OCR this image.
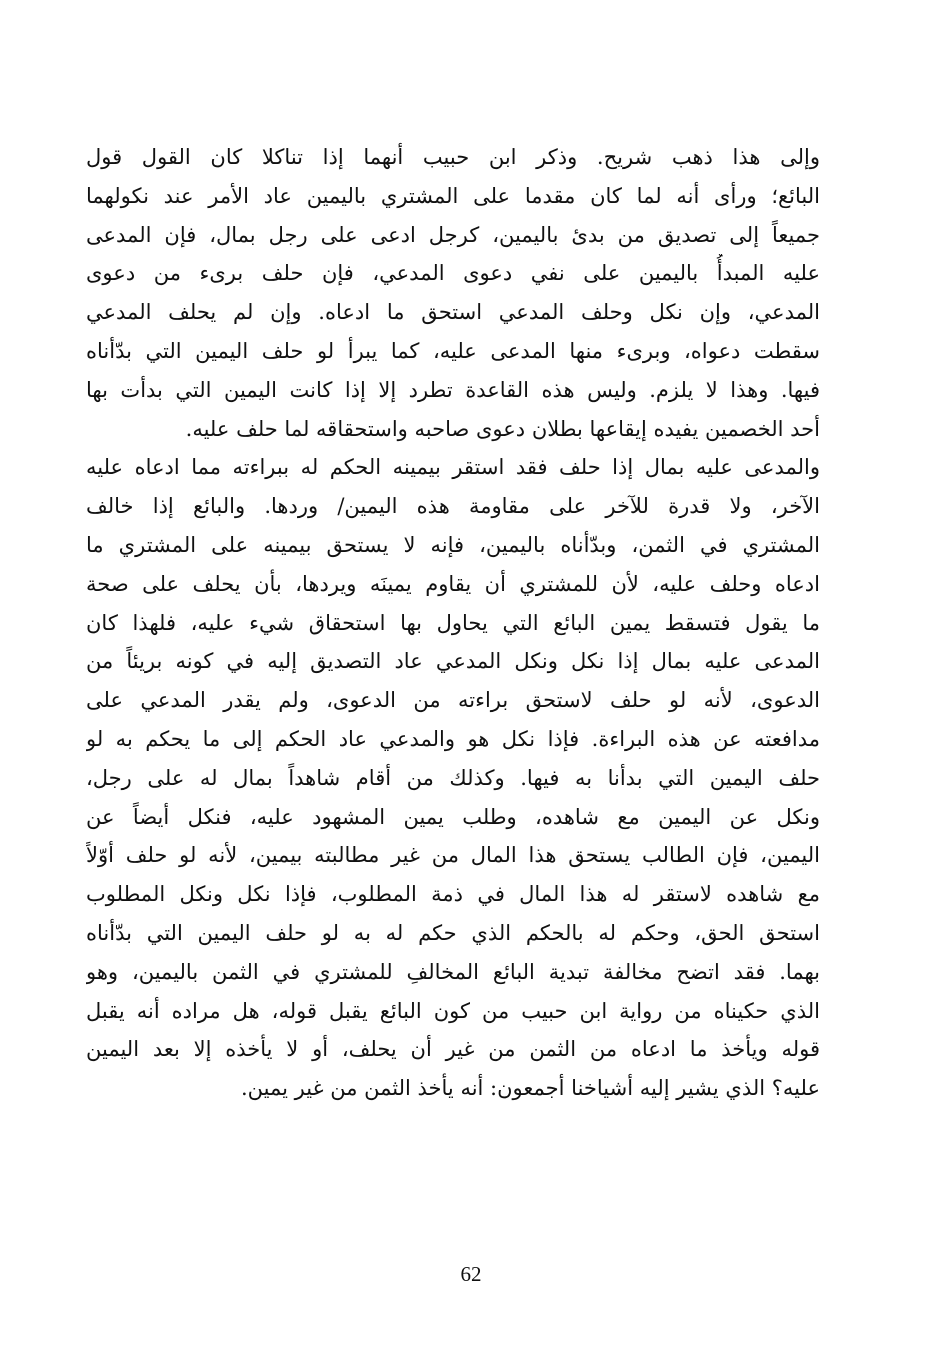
وإلى هذا ذهب شريح. وذكر ابن حبيب أنهما إذا تناكلا كان القول قول
البائع؛ ورأى أنه لما كان مقدما على المشتري باليمين عاد الأمر عند نكولهما
جميعاً إلى تصديق من بدئ باليمين، كرجل ادعى على رجل بمال، فإن المدعى
عليه المبدأُ باليمين على نفي دعوى المدعي، فإن حلف برىء من دعوى
المدعي، وإن نكل وحلف المدعي استحق ما ادعاه. وإن لم يحلف المدعي
سقطت دعواه، وبرىء منها المدعى عليه، كما يبرأ لو حلف اليمين التي بدّأناه
فيها. وهذا لا يلزم. وليس هذه القاعدة تطرد إلا إذا كانت اليمين التي بدأت بها
أحد الخصمين يفيده إيقاعها بطلان دعوى صاحبه واستحقاقه لما حلف عليه.
والمدعى عليه بمال إذا حلف فقد استقر بيمينه الحكم له ببراءته مما ادعاه عليه
الآخر، ولا قدرة للآخر على مقاومة هذه اليمين/ وردها. والبائع إذا خالف
المشتري في الثمن، وبدّأناه باليمين، فإنه لا يستحق بيمينه على المشتري ما
ادعاه وحلف عليه، لأن للمشتري أن يقاوم يمينَه ويردها، بأن يحلف على صحة
ما يقول فتسقط يمين البائع التي يحاول بها استحقاق شيء عليه، فلهذا كان
المدعى عليه بمال إذا نكل ونكل المدعي عاد التصديق إليه في كونه بريئاً من
الدعوى، لأنه لو حلف لاستحق براءته من الدعوى، ولم يقدر المدعي على
مدافعته عن هذه البراءة. فإذا نكل هو والمدعي عاد الحكم إلى ما يحكم به لو
حلف اليمين التي بدأنا به فيها. وكذلك من أقام شاهداً بمال له على رجل،
ونكل عن اليمين مع شاهده، وطلب يمين المشهود عليه، فنكل أيضاً عن
اليمين، فإن الطالب يستحق هذا المال من غير مطالبته بيمين، لأنه لو حلف أوّلاً
مع شاهده لاستقر له هذا المال في ذمة المطلوب، فإذا نكل ونكل المطلوب
استحق الحق، وحكم له بالحكم الذي حكم له به لو حلف اليمين التي بدّأناه
بهما. فقد اتضح مخالفة تبدية البائع المخالفِ للمشتري في الثمن باليمين، وهو
الذي حكيناه من رواية ابن حبيب من كون البائع يقبل قوله، هل مراده أنه يقبل
قوله ويأخذ ما ادعاه من الثمن من غير أن يحلف، أو لا يأخذه إلا بعد اليمين
عليه؟ الذي يشير إليه أشياخنا أجمعون: أنه يأخذ الثمن من غير يمين.
62
